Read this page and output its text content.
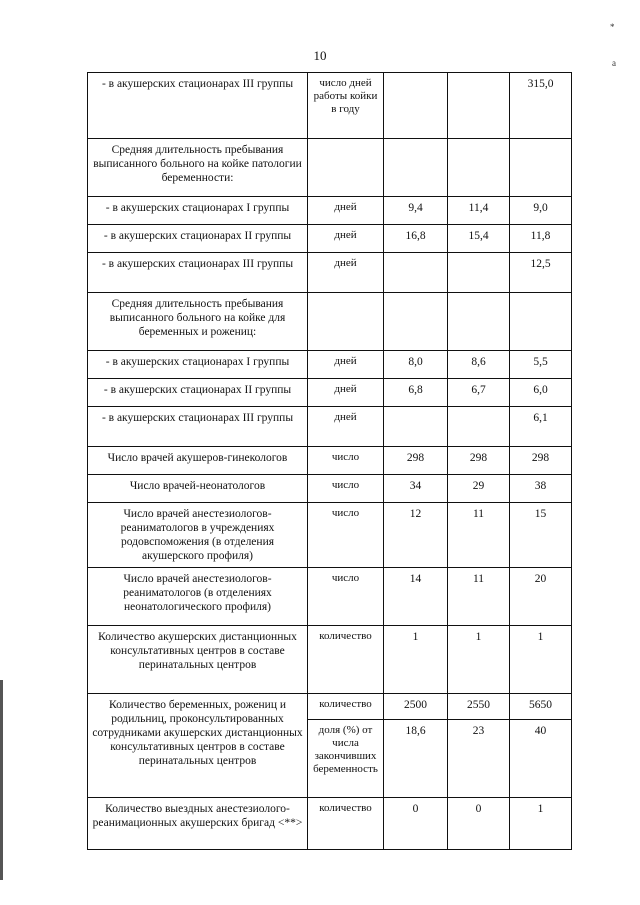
*
a
10
- в акушерских стационарах III группы	число дней работы койки в году			315,0
Средняя длительность пребывания выписанного больного на койке патологии беременности:				
- в акушерских стационарах I группы	дней	9,4	11,4	9,0
- в акушерских стационарах II группы	дней	16,8	15,4	11,8
- в акушерских стационарах III группы	дней			12,5
Средняя длительность пребывания выписанного больного на койке для беременных и рожениц:				
- в акушерских стационарах I группы	дней	8,0	8,6	5,5
- в акушерских стационарах II группы	дней	6,8	6,7	6,0
- в акушерских стационарах III группы	дней			6,1
Число врачей акушеров-гинекологов	число	298	298	298
Число врачей-неонатологов	число	34	29	38
Число врачей анестезиологов-реаниматологов в учреждениях родовспоможения (в отделения акушерского профиля)	число	12	11	15
Число врачей анестезиологов-реаниматологов (в отделениях неонатологического профиля)	число	14	11	20
Количество акушерских дистанционных консультативных центров в составе перинатальных центров	количество	1	1	1
Количество беременных, рожениц и родильниц, проконсультированных сотрудниками акушерских дистанционных консультативных центров в составе перинатальных центров	количество	2500	2550	5650
	доля (%) от числа закончивших беременность	18,6	23	40
Количество выездных анестезиолого-реанимационных акушерских бригад <**>	количество	0	0	1
